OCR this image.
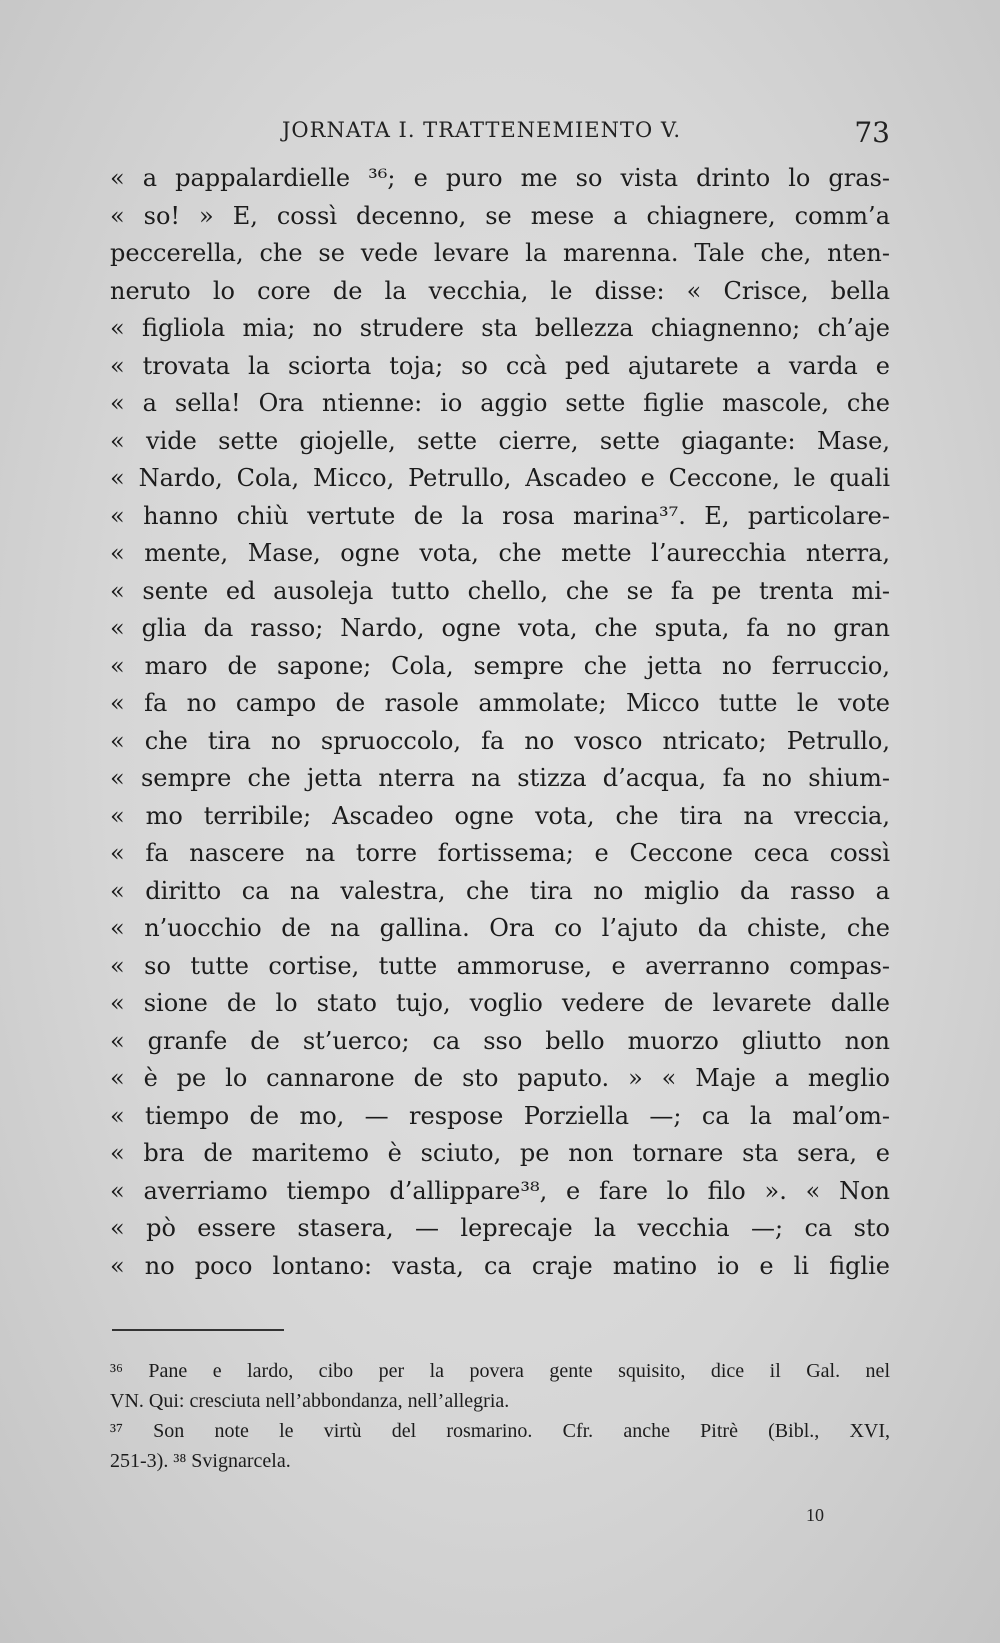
JORNATA I. TRATTENEMIENTO V.	73
« a pappalardielle ³⁶; e puro me so vista drinto lo gras-
« so! » E, cossì decenno, se mese a chiagnere, comm’a
peccerella, che se vede levare la marenna. Tale che, nten-
neruto lo core de la vecchia, le disse: « Crisce, bella
« figliola mia; no strudere sta bellezza chiagnenno; ch’aje
« trovata la sciorta toja; so ccà ped ajutarete a varda e
« a sella! Ora ntienne: io aggio sette figlie mascole, che
« vide sette giojelle, sette cierre, sette giagante: Mase,
« Nardo, Cola, Micco, Petrullo, Ascadeo e Ceccone, le quali
« hanno chiù vertute de la rosa marina³⁷. E, particolare-
« mente, Mase, ogne vota, che mette l’aurecchia nterra,
« sente ed ausoleja tutto chello, che se fa pe trenta mi-
« glia da rasso; Nardo, ogne vota, che sputa, fa no gran
« maro de sapone; Cola, sempre che jetta no ferruccio,
« fa no campo de rasole ammolate; Micco tutte le vote
« che tira no spruoccolo, fa no vosco ntricato; Petrullo,
« sempre che jetta nterra na stizza d’acqua, fa no shium-
« mo terribile; Ascadeo ogne vota, che tira na vreccia,
« fa nascere na torre fortissema; e Ceccone ceca cossì
« diritto ca na valestra, che tira no miglio da rasso a
« n’uocchio de na gallina. Ora co l’ajuto da chiste, che
« so tutte cortise, tutte ammoruse, e averranno compas-
« sione de lo stato tujo, voglio vedere de levarete dalle
« granfe de st’uerco; ca sso bello muorzo gliutto non
« è pe lo cannarone de sto paputo. » « Maje a meglio
« tiempo de mo, — respose Porziella —; ca la mal’om-
« bra de maritemo è sciuto, pe non tornare sta sera, e
« averriamo tiempo d’allippare³⁸, e fare lo filo ». « Non
« pò essere stasera, — leprecaje la vecchia —; ca sto
« no poco lontano: vasta, ca craje matino io e li figlie
³⁶ Pane e lardo, cibo per la povera gente squisito, dice il Gal. nel
VN. Qui: cresciuta nell’abbondanza, nell’allegria.
³⁷ Son note le virtù del rosmarino. Cfr. anche Pitrè (Bibl., XVI,
251-3). ³⁸ Svignarcela.
10
